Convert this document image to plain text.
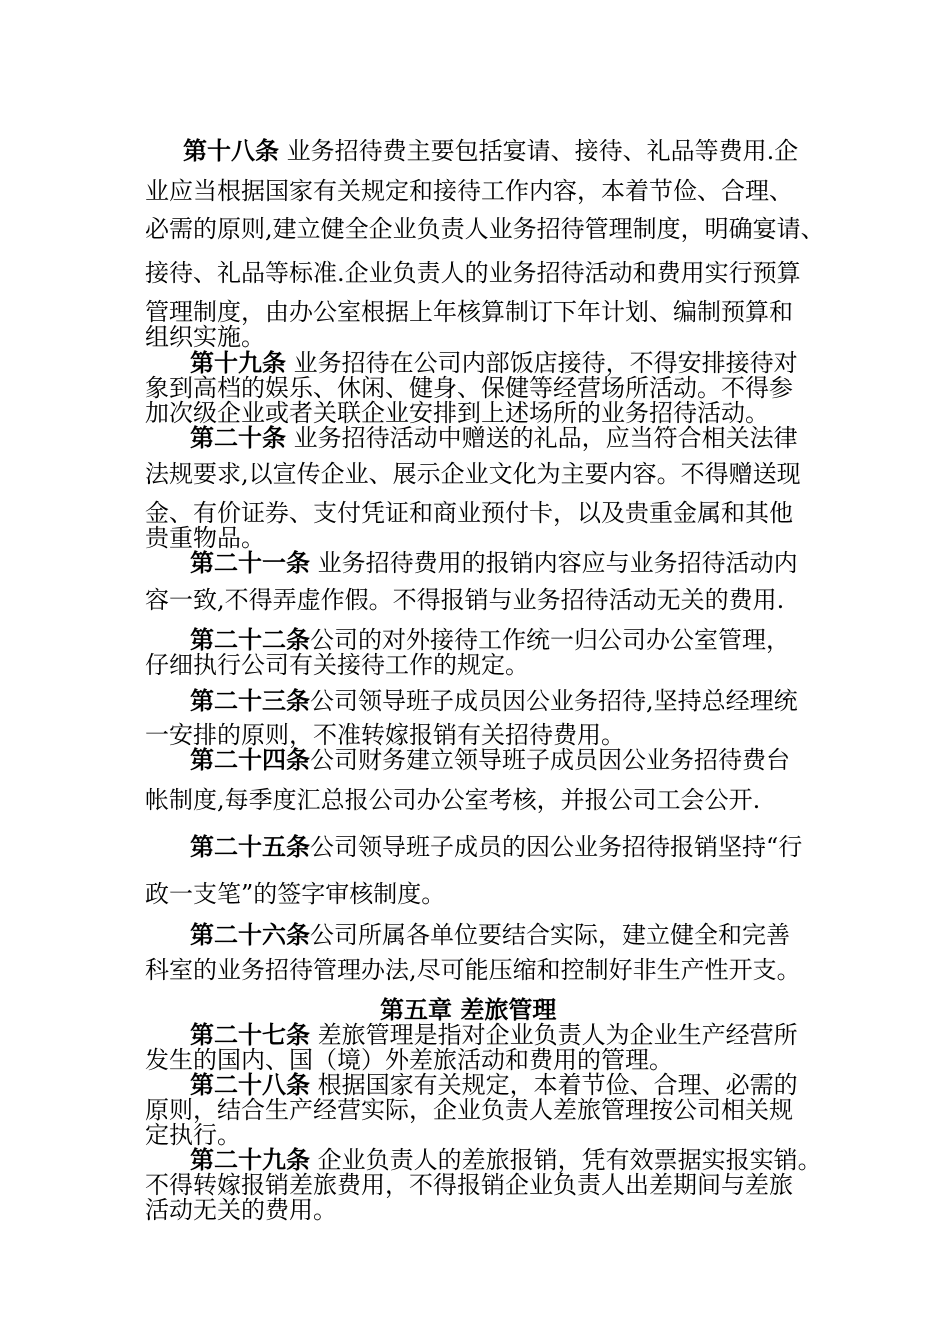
第十八条 业务招待费主要包括宴请、接待、礼品等费用.企
业应当根据国家有关规定和接待工作内容，本着节俭、合理、
必需的原则,建立健全企业负责人业务招待管理制度，明确宴请、
接待、礼品等标准.企业负责人的业务招待活动和费用实行预算
管理制度，由办公室根据上年核算制订下年计划、编制预算和
组织实施。
第十九条 业务招待在公司内部饭店接待，不得安排接待对
象到高档的娱乐、休闲、健身、保健等经营场所活动。不得参
加次级企业或者关联企业安排到上述场所的业务招待活动。
第二十条 业务招待活动中赠送的礼品，应当符合相关法律
法规要求,以宣传企业、展示企业文化为主要内容。不得赠送现
金、有价证券、支付凭证和商业预付卡，以及贵重金属和其他
贵重物品。
第二十一条 业务招待费用的报销内容应与业务招待活动内
容一致,不得弄虚作假。不得报销与业务招待活动无关的费用.
第二十二条公司的对外接待工作统一归公司办公室管理，
仔细执行公司有关接待工作的规定。
第二十三条公司领导班子成员因公业务招待,坚持总经理统
一安排的原则，不准转嫁报销有关招待费用。
第二十四条公司财务建立领导班子成员因公业务招待费台
帐制度,每季度汇总报公司办公室考核，并报公司工会公开.
第二十五条公司领导班子成员的因公业务招待报销坚持“行
政一支笔”的签字审核制度。
第二十六条公司所属各单位要结合实际，建立健全和完善
科室的业务招待管理办法,尽可能压缩和控制好非生产性开支。
第五章 差旅管理
第二十七条 差旅管理是指对企业负责人为企业生产经营所
发生的国内、国（境）外差旅活动和费用的管理。
第二十八条 根据国家有关规定，本着节俭、合理、必需的
原则，结合生产经营实际，企业负责人差旅管理按公司相关规
定执行。
第二十九条 企业负责人的差旅报销，凭有效票据实报实销。
不得转嫁报销差旅费用，不得报销企业负责人出差期间与差旅
活动无关的费用。
